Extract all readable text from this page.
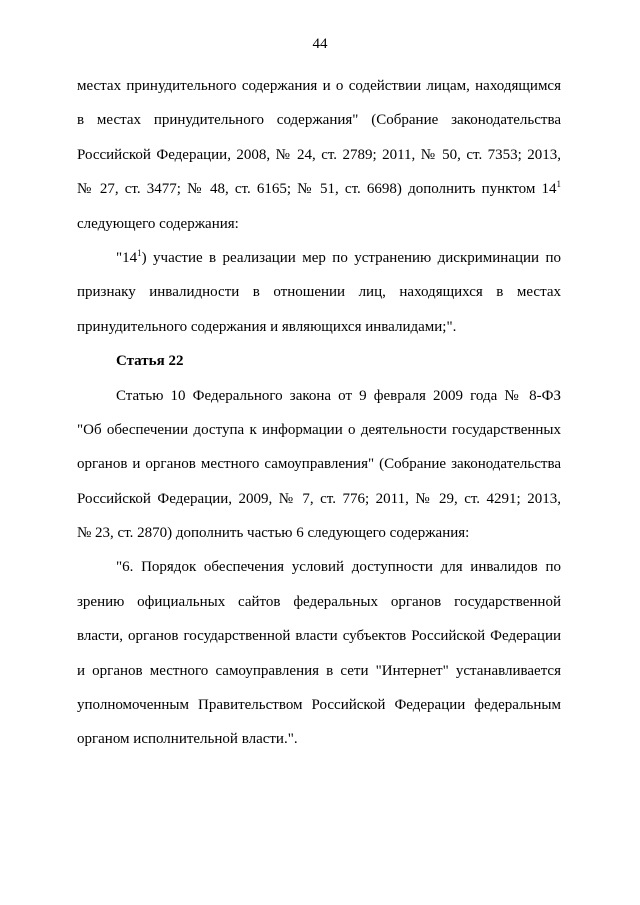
44
местах принудительного содержания и о содействии лицам, находящимся
в местах принудительного содержания" (Собрание законодательства
Российской Федерации, 2008, № 24, ст. 2789; 2011, № 50, ст. 7353; 2013,
№ 27, ст. 3477; № 48, ст. 6165; № 51, ст. 6698) дополнить пунктом $14^1$
следующего содержания:
"$14^1$) участие в реализации мер по устранению дискриминации по
признаку инвалидности в отношении лиц, находящихся в местах
принудительного содержания и являющихся инвалидами;".
Статья 22
Статью 10 Федерального закона от 9 февраля 2009 года № 8-ФЗ
"Об обеспечении доступа к информации о деятельности государственных
органов и органов местного самоуправления" (Собрание законодательства
Российской Федерации, 2009, № 7, ст. 776; 2011, № 29, ст. 4291; 2013,
№ 23, ст. 2870) дополнить частью 6 следующего содержания:
"6. Порядок обеспечения условий доступности для инвалидов по
зрению официальных сайтов федеральных органов государственной
власти, органов государственной власти субъектов Российской Федерации
и органов местного самоуправления в сети "Интернет" устанавливается
уполномоченным Правительством Российской Федерации федеральным
органом исполнительной власти.".
